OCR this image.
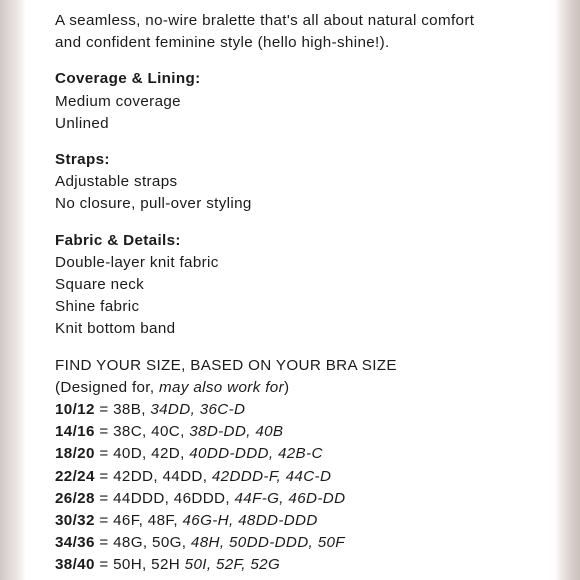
A seamless, no-wire bralette that's all about natural comfort
and confident feminine style (hello high-shine!).
Coverage & Lining:
Medium coverage
Unlined
Straps:
Adjustable straps
No closure, pull-over styling
Fabric & Details:
Double-layer knit fabric
Square neck
Shine fabric
Knit bottom band
FIND YOUR SIZE, BASED ON YOUR BRA SIZE
(Designed for, may also work for)
10/12 = 38B, 34DD, 36C-D
14/16 = 38C, 40C, 38D-DD, 40B
18/20 = 40D, 42D, 40DD-DDD, 42B-C
22/24 = 42DD, 44DD, 42DDD-F, 44C-D
26/28 = 44DDD, 46DDD, 44F-G, 46D-DD
30/32 = 46F, 48F, 46G-H, 48DD-DDD
34/36 = 48G, 50G, 48H, 50DD-DDD, 50F
38/40 = 50H, 52H 50I, 52F, 52G
